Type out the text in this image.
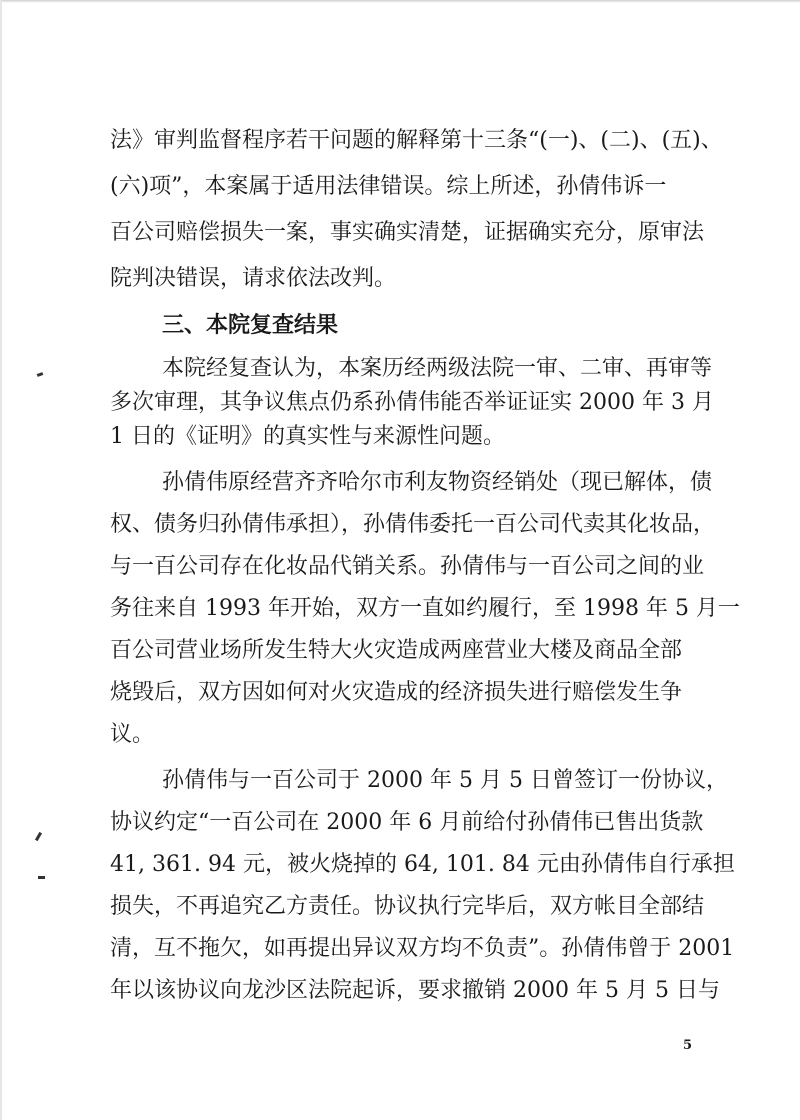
法》审判监督程序若干问题的解释第十三条“(一)、(二)、(五)、
(六)项”，本案属于适用法律错误。综上所述，孙倩伟诉一
百公司赔偿损失一案，事实确实清楚，证据确实充分，原审法
院判决错误，请求依法改判。
三、本院复查结果
本院经复查认为，本案历经两级法院一审、二审、再审等
多次审理，其争议焦点仍系孙倩伟能否举证证实 2000 年 3 月
1 日的《证明》的真实性与来源性问题。
孙倩伟原经营齐齐哈尔市利友物资经销处（现已解体，债
权、债务归孙倩伟承担），孙倩伟委托一百公司代卖其化妆品，
与一百公司存在化妆品代销关系。孙倩伟与一百公司之间的业
务往来自 1993 年开始，双方一直如约履行，至 1998 年 5 月一
百公司营业场所发生特大火灾造成两座营业大楼及商品全部
烧毁后，双方因如何对火灾造成的经济损失进行赔偿发生争
议。
孙倩伟与一百公司于 2000 年 5 月 5 日曾签订一份协议，
协议约定“一百公司在 2000 年 6 月前给付孙倩伟已售出货款
41, 361. 94 元，被火烧掉的 64, 101. 84 元由孙倩伟自行承担
损失，不再追究乙方责任。协议执行完毕后，双方帐目全部结
清，互不拖欠，如再提出异议双方均不负责”。孙倩伟曾于 2001
年以该协议向龙沙区法院起诉，要求撤销 2000 年 5 月 5 日与
5
